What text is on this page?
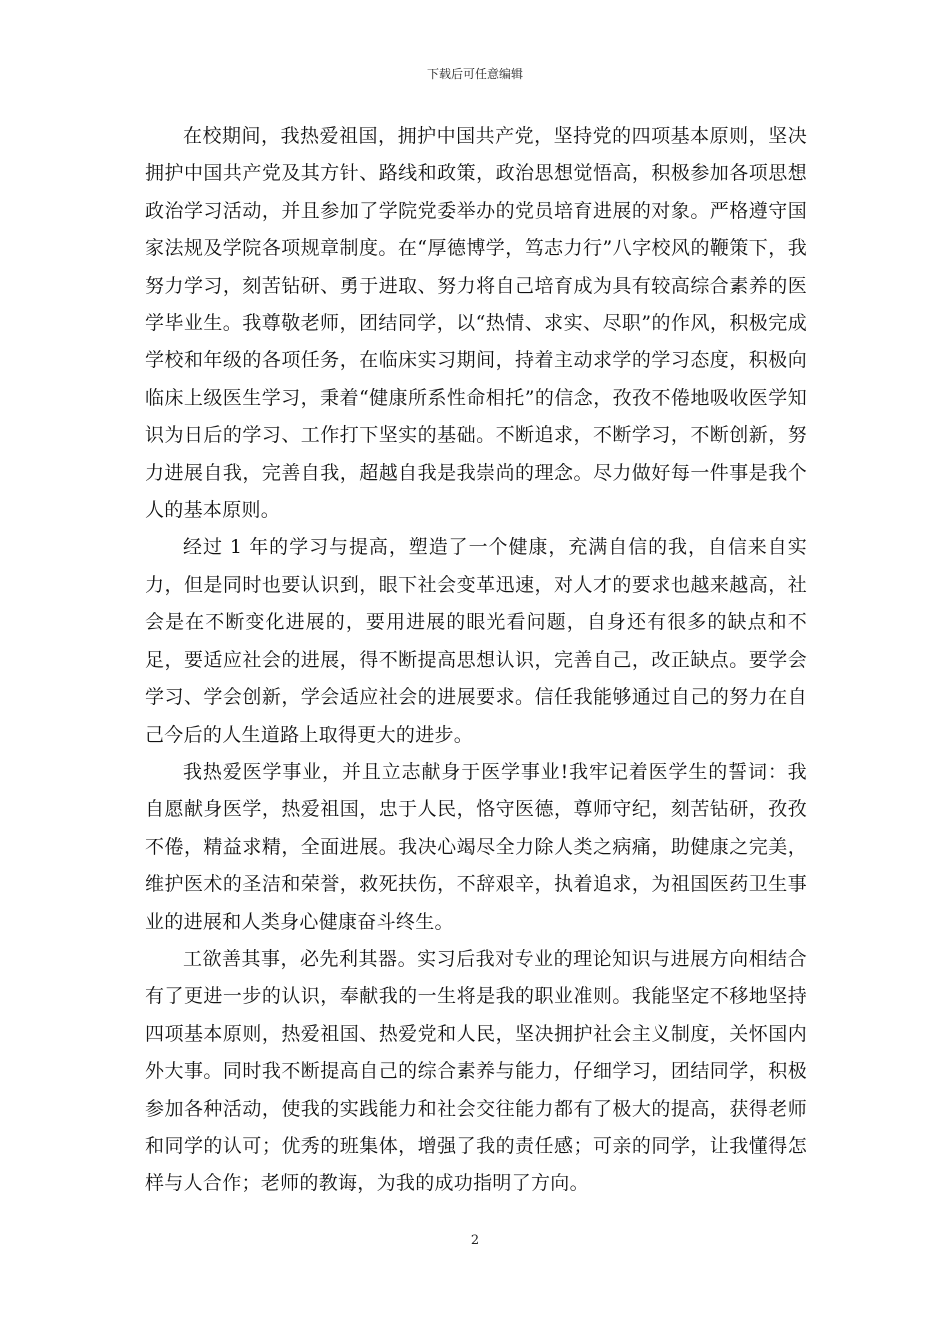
下载后可任意编辑

在校期间，我热爱祖国，拥护中国共产党，坚持党的四项基本原则，坚决拥护中国共产党及其方针、路线和政策，政治思想觉悟高，积极参加各项思想政治学习活动，并且参加了学院党委举办的党员培育进展的对象。严格遵守国家法规及学院各项规章制度。在“厚德博学，笃志力行”八字校风的鞭策下，我努力学习，刻苦钻研、勇于进取、努力将自己培育成为具有较高综合素养的医学毕业生。我尊敬老师，团结同学，以“热情、求实、尽职”的作风，积极完成学校和年级的各项任务，在临床实习期间，持着主动求学的学习态度，积极向临床上级医生学习，秉着“健康所系性命相托”的信念，孜孜不倦地吸收医学知识为日后的学习、工作打下坚实的基础。不断追求，不断学习，不断创新，努力进展自我，完善自我，超越自我是我崇尚的理念。尽力做好每一件事是我个人的基本原则。

经过 1 年的学习与提高，塑造了一个健康，充满自信的我，自信来自实力，但是同时也要认识到，眼下社会变革迅速，对人才的要求也越来越高，社会是在不断变化进展的，要用进展的眼光看问题，自身还有很多的缺点和不足，要适应社会的进展，得不断提高思想认识，完善自己，改正缺点。要学会学习、学会创新，学会适应社会的进展要求。信任我能够通过自己的努力在自己今后的人生道路上取得更大的进步。

我热爱医学事业，并且立志献身于医学事业!我牢记着医学生的誓词：我自愿献身医学，热爱祖国，忠于人民，恪守医德，尊师守纪，刻苦钻研，孜孜不倦，精益求精，全面进展。我决心竭尽全力除人类之病痛，助健康之完美，维护医术的圣洁和荣誉，救死扶伤，不辞艰辛，执着追求，为祖国医药卫生事业的进展和人类身心健康奋斗终生。

工欲善其事，必先利其器。实习后我对专业的理论知识与进展方向相结合有了更进一步的认识，奉献我的一生将是我的职业准则。我能坚定不移地坚持四项基本原则，热爱祖国、热爱党和人民，坚决拥护社会主义制度，关怀国内外大事。同时我不断提高自己的综合素养与能力，仔细学习，团结同学，积极参加各种活动，使我的实践能力和社会交往能力都有了极大的提高，获得老师和同学的认可；优秀的班集体，增强了我的责任感；可亲的同学，让我懂得怎样与人合作；老师的教诲，为我的成功指明了方向。

2
